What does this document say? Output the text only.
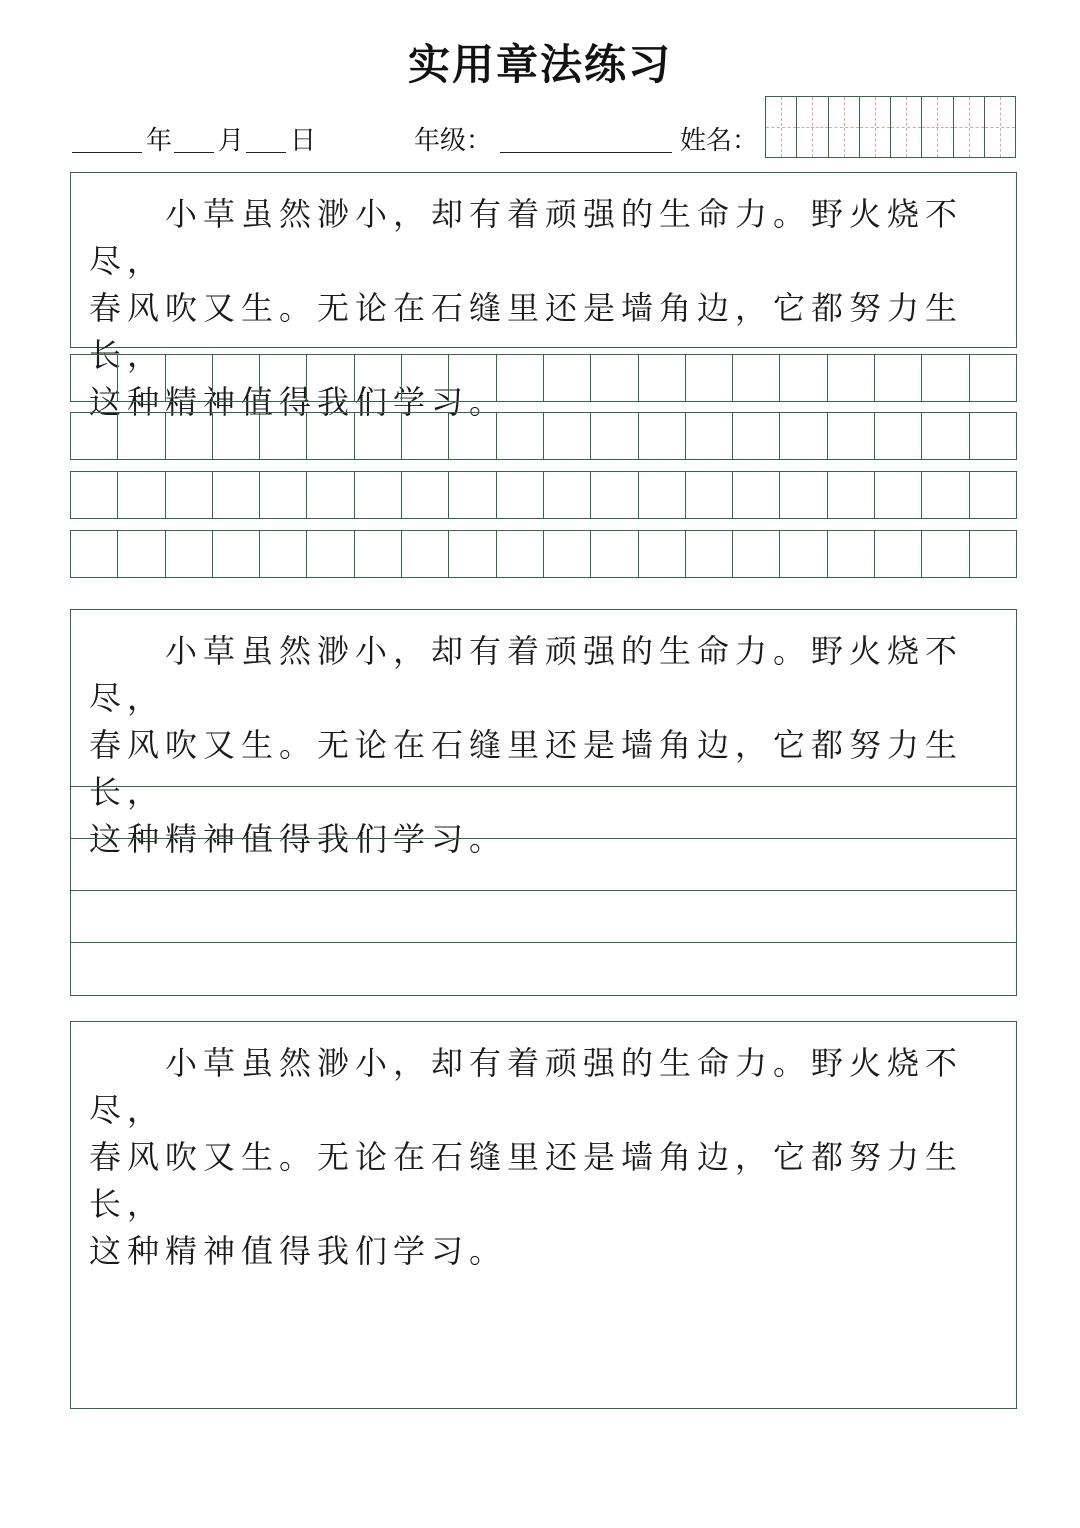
实用章法练习
年 月 日	年级：	姓名：
　　小草虽然渺小，却有着顽强的生命力。野火烧不尽，
春风吹又生。无论在石缝里还是墙角边，它都努力生长，
这种精神值得我们学习。
　　小草虽然渺小，却有着顽强的生命力。野火烧不尽，
春风吹又生。无论在石缝里还是墙角边，它都努力生长，
这种精神值得我们学习。
　　小草虽然渺小，却有着顽强的生命力。野火烧不尽，
春风吹又生。无论在石缝里还是墙角边，它都努力生长，
这种精神值得我们学习。
